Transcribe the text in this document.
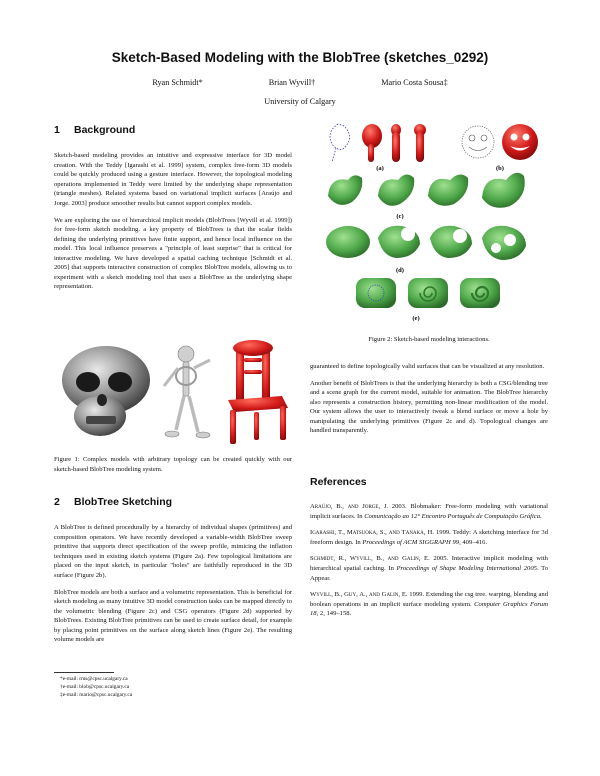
Sketch-Based Modeling with the BlobTree (sketches_0292)
Ryan Schmidt*	Brian Wyvill†	Mario Costa Sousa‡
University of Calgary
1 Background

Sketch-based modeling provides an intuitive and expressive interface for 3D model creation. With the Teddy [Igarashi et al. 1999] system, complex free-form 3D models could be quickly produced using a gesture interface. However, the topological modeling operations implemented in Teddy were limited by the underlying shape representation (triangle meshes). Related systems based on variational implicit surfaces [Araújo and Jorge. 2003] produce smoother results but cannot support complex models.

We are exploring the use of hierarchical implicit models (BlobTrees [Wyvill et al. 1999]) for free-form sketch modeling. a key property of BlobTrees is that the scalar fields defining the underlying primitives have finite support, and hence local influence on the model. This local influence preserves a "principle of least surprise" that is critical for interactive modeling. We have developed a spatial caching technique [Schmidt et al. 2005] that supports interactive construction of complex BlobTree models, allowing us to experiment with a sketch modeling tool that uses a BlobTree as the underlying shape representation.

Figure 1: Complex models with arbitrary topology can be created quickly with our sketch-based BlobTree modeling system.
2 BlobTree Sketching

A BlobTree is defined procedurally by a hierarchy of individual shapes (primitives) and composition operators. We have recently developed a variable-width BlobTree sweep primitive that supports direct specification of the sweep profile, mimicing the inflation techniques used in existing sketch systems (Figure 2a). Few topological limitations are placed on the input sketch, in particular "holes" are faithfully reproduced in the 3D surface (Figure 2b).

BlobTree models are both a surface and a volumetric representation. This is beneficial for sketch modeling as many intuitive 3D model construction tasks can be mapped directly to the volumetric blending (Figure 2c) and CSG operators (Figure 2d) supported by BlobTrees. Existing BlobTree primitives can be used to create surface detail, for example by placing point primitives on the surface along sketch lines (Figure 2e). The resulting volume models are

*e-mail: rms@cpsc.ucalgary.ca
†e-mail: blob@cpsc.ucalgary.ca
‡e-mail: mario@cpsc.ucalgary.ca
(a)	(b)
(c)
(d)
(e)
Figure 2: Sketch-based modeling interactions.

guaranteed to define topologically valid surfaces that can be visualized at any resolution.

Another benefit of BlobTrees is that the underlying hierarchy is both a CSG/blending tree and a scene graph for the current model, suitable for animation. The BlobTree hierarchy also represents a construction history, permitting non-linear modification of the model. Our system allows the user to interactively tweak a blend surface or move a hole by manipulating the underlying primitives (Figure 2c and d). Topological changes are handled transparently.

References
Araújo, B., and Jorge, J. 2003. Blobmaker: Free-form modeling with variational implicit surfaces. In Comunicação ao 12° Encontro Português de Computação Gráfica.
Igarashi, T., Matsuoka, S., and Tanaka, H. 1999. Teddy: A sketching interface for 3d freeform design. In Proceedings of ACM SIGGRAPH 99, 409–416.
Schmidt, R., Wyvill, B., and Galin, E. 2005. Interactive implicit modeling with hierarchical spatial caching. In Proceedings of Shape Modeling International 2005. To Appear.
Wyvill, B., Guy, A., and Galin, E. 1999. Extending the csg tree. warping, blending and boolean operations in an implicit surface modeling system. Computer Graphics Forum 18, 2, 149–158.
